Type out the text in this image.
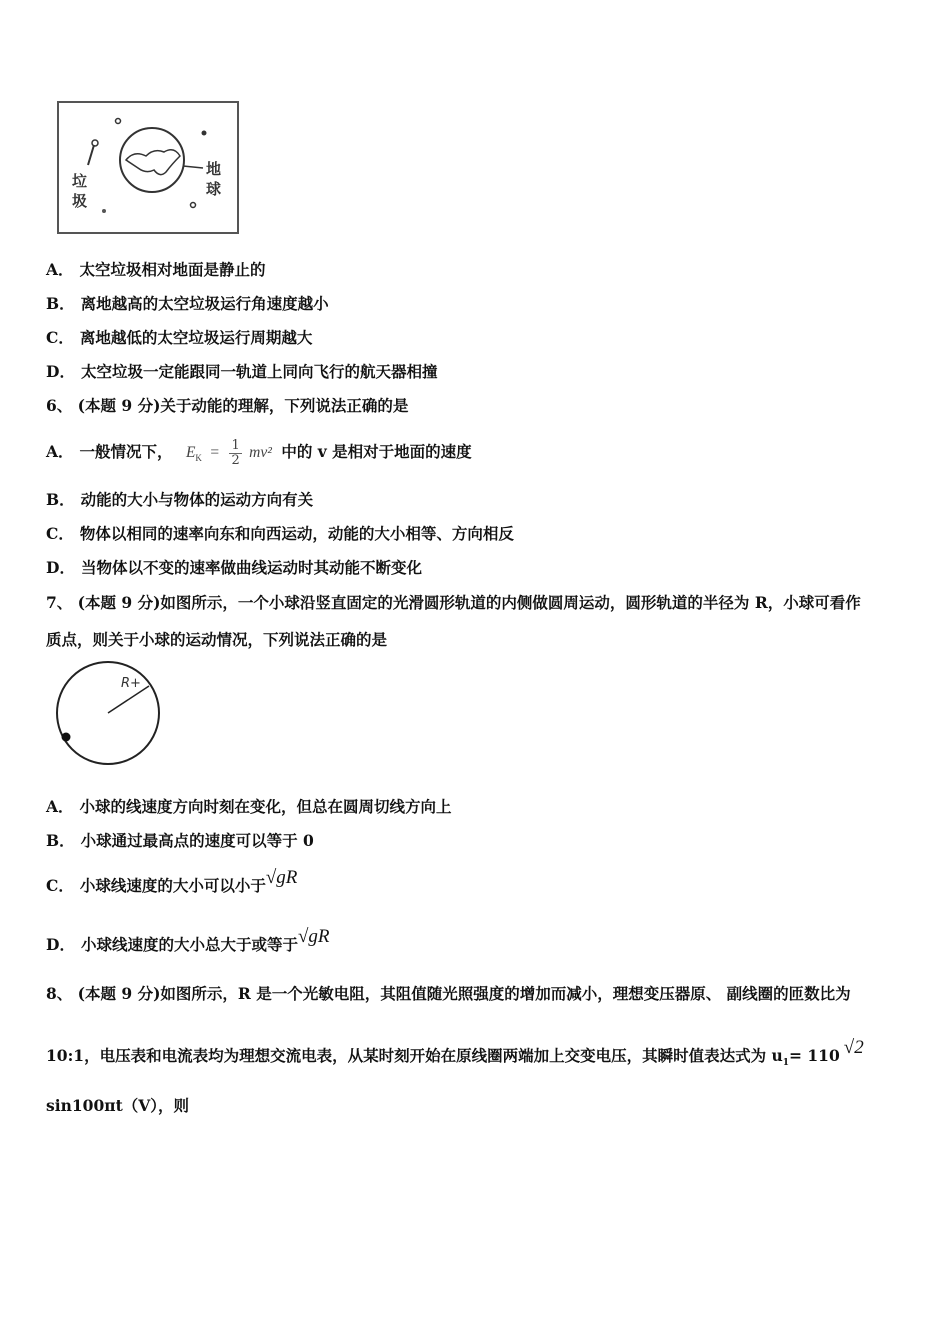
垃
圾
地
球
A． 太空垃圾相对地面是静止的
B． 离地越高的太空垃圾运行角速度越小
C． 离地越低的太空垃圾运行周期越大
D． 太空垃圾一定能跟同一轨道上同向飞行的航天器相撞
6、 (本题 9 分)关于动能的理解，下列说法正确的是
A． 一般情况下， $E_K = \frac{1}{2} mv^2$ 中的 v 是相对于地面的速度
B． 动能的大小与物体的运动方向有关
C． 物体以相同的速率向东和向西运动，动能的大小相等、方向相反
D． 当物体以不变的速率做曲线运动时其动能不断变化
7、 (本题 9 分)如图所示，一个小球沿竖直固定的光滑圆形轨道的内侧做圆周运动，圆形轨道的半径为 R，小球可看作
质点，则关于小球的运动情况，下列说法正确的是
R+
A． 小球的线速度方向时刻在变化，但总在圆周切线方向上
B． 小球通过最高点的速度可以等于 0
C． 小球线速度的大小可以小于√gR
D． 小球线速度的大小总大于或等于√gR
8、 (本题 9 分)如图所示，R 是一个光敏电阻，其阻值随光照强度的增加而减小，理想变压器原、 副线圈的匝数比为
10:1，电压表和电流表均为理想交流电表，从某时刻开始在原线圈两端加上交变电压，其瞬时值表达式为 $u_1= 110$ √2
sin100πt（V），则
